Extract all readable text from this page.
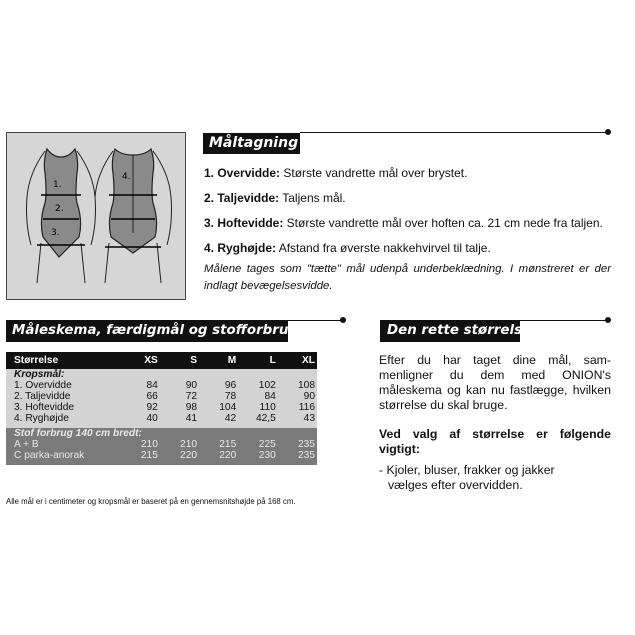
1.
2.
3.
4.
Måltagning
1. Overvidde: Største vandrette mål over brystet.
2. Taljevidde: Taljens mål.
3. Hoftevidde: Største vandrette mål over hoften ca. 21 cm nede fra taljen.
4. Ryghøjde: Afstand fra øverste nakkehvirvel til talje.
Målene tages som "tætte" mål udenpå underbeklædning. I mønstreret er der indlagt bevægelsesvidde.
Måleskema, færdigmål og stofforbrug
Størrelse	XS	S	M	L	XL
Kropsmål:					
1. Overvidde	84	90	96	102	108
2. Taljevidde	66	72	78	84	90
3. Hoftevidde	92	98	104	110	116
4. Ryghøjde	40	41	42	42,5	43

Stof forbrug 140 cm bredt:					
A + B	210	210	215	225	235
C parka-anorak	215	220	220	230	235

Alle mål er i centimeter og kropsmål er baseret på en gennemsnitshøjde på 168 cm.
Den rette størrelse
Efter du har taget dine mål, sam-menligner du dem med ONION's måleskema og kan nu fastlægge, hvilken størrelse du skal bruge.
Ved valg af størrelse er følgende vigtigt:
- Kjoler, bluser, frakker og jakker
vælges efter overvidden.
